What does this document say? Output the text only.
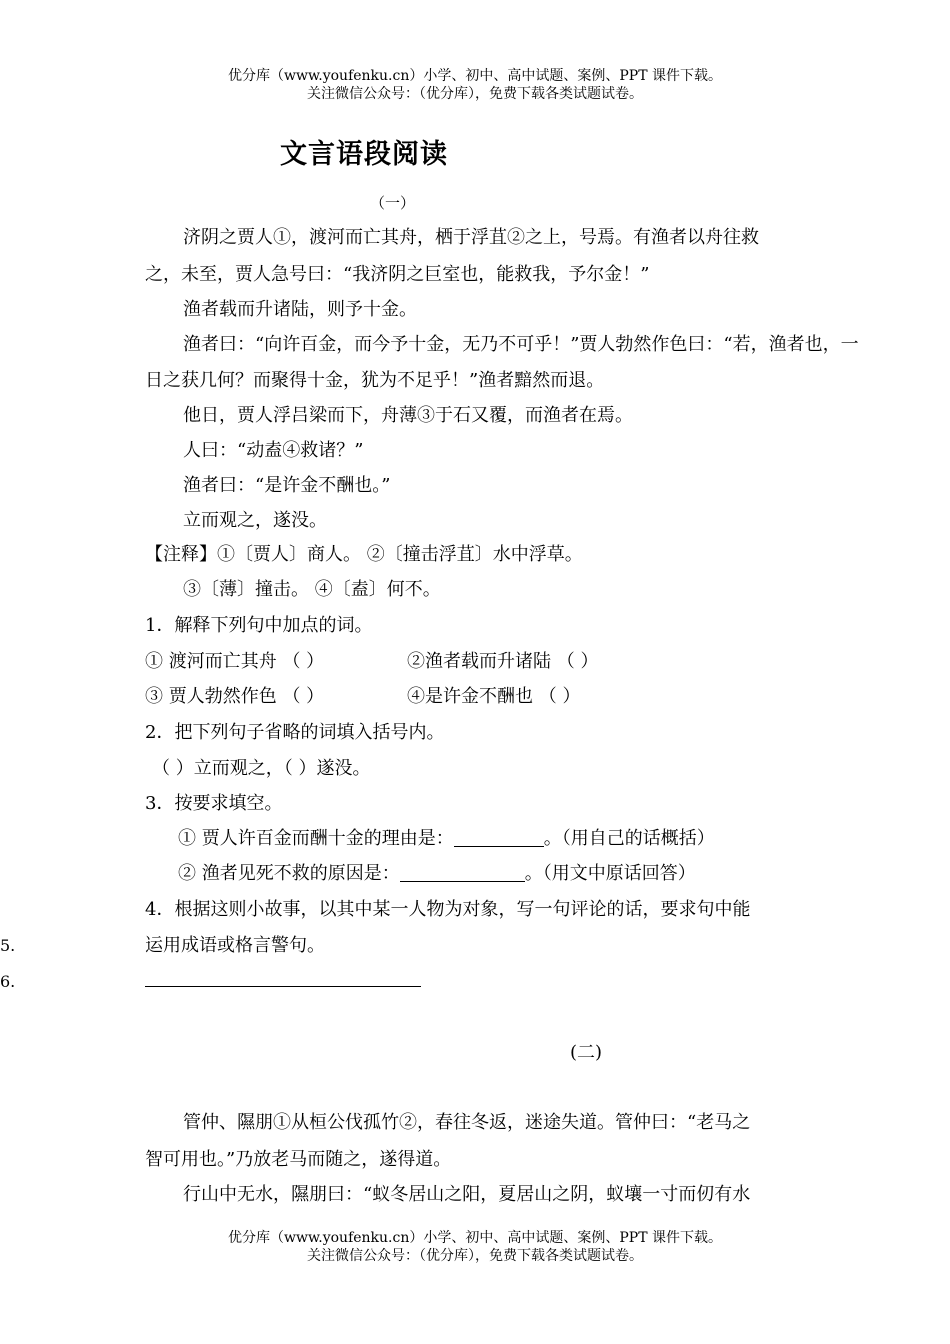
优分库（www.youfenku.cn）小学、初中、高中试题、案例、PPT 课件下载。
关注微信公众号：（优分库），免费下载各类试题试卷。
文言语段阅读
（一）
济阴之贾人①，渡河而亡其舟，栖于浮苴②之上，号焉。有渔者以舟往救
之，未至，贾人急号曰：“我济阴之巨室也，能救我，予尔金！”
渔者载而升诸陆，则予十金。
渔者曰：“向许百金，而今予十金，无乃不可乎！”贾人勃然作色曰：“若，渔者也，一
日之获几何？而聚得十金，犹为不足乎！”渔者黯然而退。
他日，贾人浮吕梁而下，舟薄③于石又覆，而渔者在焉。
人曰：“动盍④救诸？”
渔者曰：“是许金不酬也。”
立而观之，遂没。
【注释】①〔贾人〕商人。 ②〔撞击浮苴〕水中浮草。
③〔薄〕撞击。 ④〔盍〕何不。
1．解释下列句中加点的词。
① 渡河而亡其舟 （ ）	②渔者载而升诸陆 （ ）
③ 贾人勃然作色 （ ）	④是许金不酬也 （ ）
2．把下列句子省略的词填入括号内。
（ ）立而观之，（ ）遂没。
3．按要求填空。
① 贾人许百金而酬十金的理由是：	。（用自己的话概括）
② 渔者见死不救的原因是：	。（用文中原话回答）
4．根据这则小故事，以其中某一人物为对象，写一句评论的话，要求句中能
运用成语或格言警句。
5.
6.
(二)
管仲、隰朋①从桓公伐孤竹②，春往冬返，迷途失道。管仲曰：“老马之
智可用也。”乃放老马而随之，遂得道。
行山中无水，隰朋曰：“蚁冬居山之阳，夏居山之阴，蚁壤一寸而仞有水
优分库（www.youfenku.cn）小学、初中、高中试题、案例、PPT 课件下载。
关注微信公众号：（优分库），免费下载各类试题试卷。
